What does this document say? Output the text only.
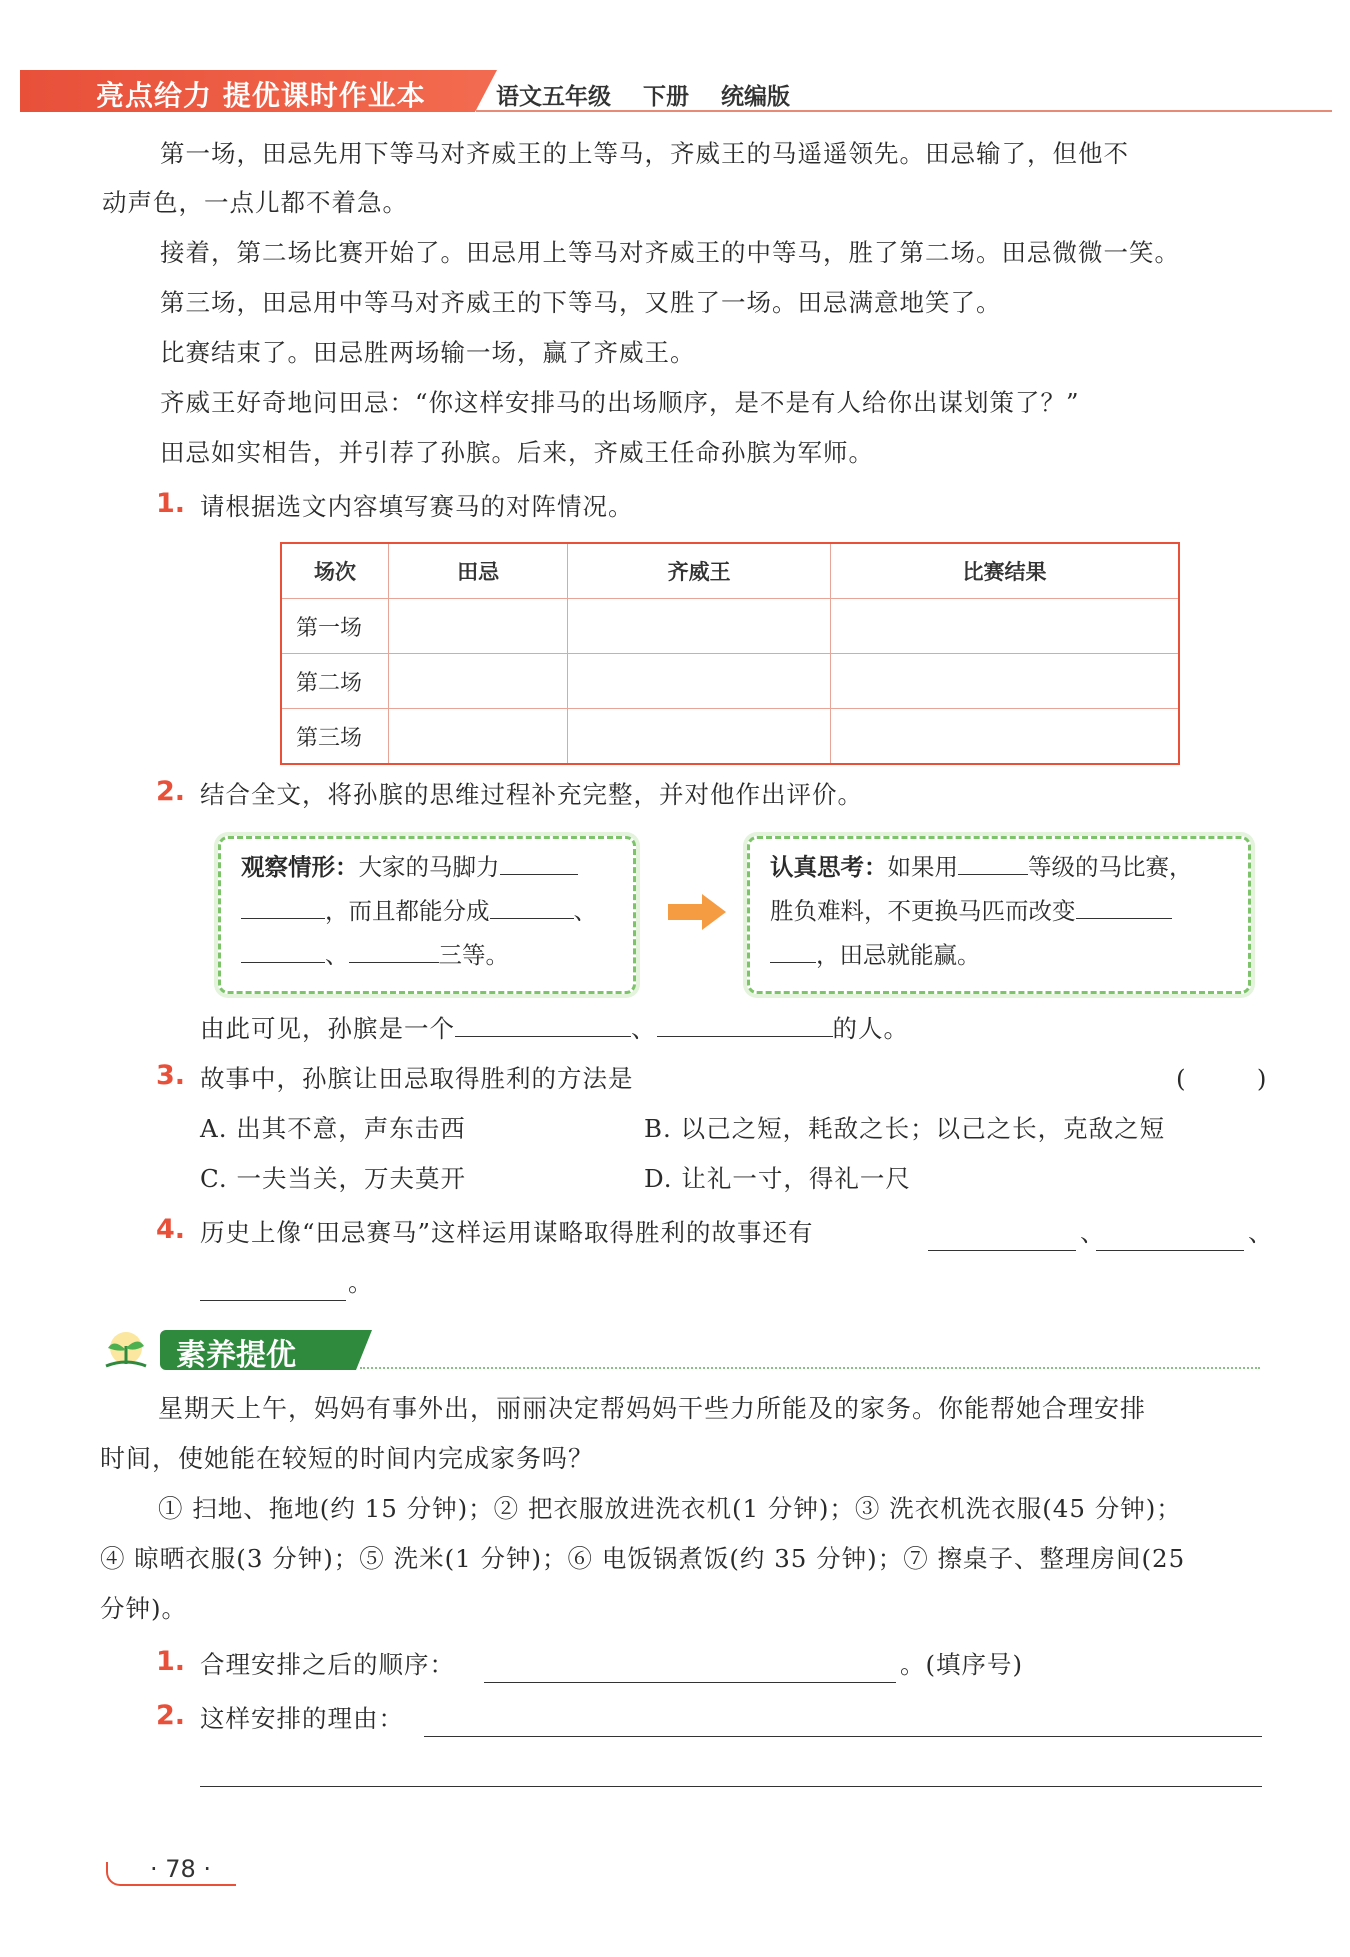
亮点给力 提优课时作业本	语文五年级    下册    统编版
第一场，田忌先用下等马对齐威王的上等马，齐威王的马遥遥领先。田忌输了，但他不
动声色，一点儿都不着急。
接着，第二场比赛开始了。田忌用上等马对齐威王的中等马，胜了第二场。田忌微微一笑。
第三场，田忌用中等马对齐威王的下等马，又胜了一场。田忌满意地笑了。
比赛结束了。田忌胜两场输一场，赢了齐威王。
齐威王好奇地问田忌：“你这样安排马的出场顺序，是不是有人给你出谋划策了？”
田忌如实相告，并引荐了孙膑。后来，齐威王任命孙膑为军师。
1. 请根据选文内容填写赛马的对阵情况。
场次	田忌	齐威王	比赛结果
第一场			
第二场			
第三场			
2. 结合全文，将孙膑的思维过程补充完整，并对他作出评价。
观察情形：大家的马脚力
，而且都能分成	、
、	三等。
认真思考：如果用	等级的马比赛，
胜负难料，不更换马匹而改变
，田忌就能赢。
由此可见，孙膑是一个	、	的人。
3. 故事中，孙膑让田忌取得胜利的方法是	(        )
A. 出其不意，声东击西	B. 以己之短，耗敌之长；以己之长，克敌之短
C. 一夫当关，万夫莫开	D. 让礼一寸，得礼一尺
4. 历史上像“田忌赛马”这样运用谋略取得胜利的故事还有	、	、
。
素养提优
星期天上午，妈妈有事外出，丽丽决定帮妈妈干些力所能及的家务。你能帮她合理安排
时间，使她能在较短的时间内完成家务吗？
① 扫地、拖地(约 15 分钟)；② 把衣服放进洗衣机(1 分钟)；③ 洗衣机洗衣服(45 分钟)；
④ 晾晒衣服(3 分钟)；⑤ 洗米(1 分钟)；⑥ 电饭锅煮饭(约 35 分钟)；⑦ 擦桌子、整理房间(25
分钟)。
1. 合理安排之后的顺序：	。(填序号)
2. 这样安排的理由：
· 78 ·
